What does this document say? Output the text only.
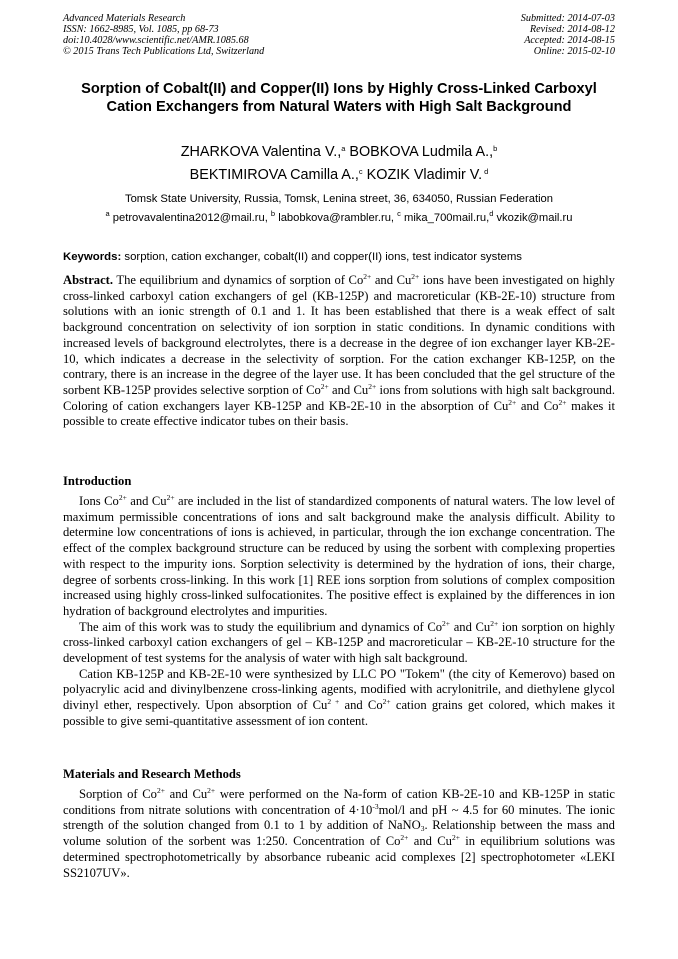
Advanced Materials Research
ISSN: 1662-8985, Vol. 1085, pp 68-73
doi:10.4028/www.scientific.net/AMR.1085.68
© 2015 Trans Tech Publications Ltd, Switzerland
Submitted: 2014-07-03
Revised: 2014-08-12
Accepted: 2014-08-15
Online: 2015-02-10
Sorption of Cobalt(II) and Copper(II) Ions by Highly Cross-Linked Carboxyl Cation Exchangers from Natural Waters with High Salt Background
ZHARKOVA Valentina V.,$^a$ BOBKOVA Ludmila A.,$^b$
BEKTIMIROVA Camilla A.,$^c$ KOZIK Vladimir V. $^d$
Tomsk State University, Russia, Tomsk, Lenina street, 36, 634050, Russian Federation
$^a$ petrovavalentina2012@mail.ru, $^b$ labobkova@rambler.ru, $^c$ mika_700mail.ru,$^d$ vkozik@mail.ru
Keywords: sorption, cation exchanger, cobalt(II) and copper(II) ions, test indicator systems

Abstract. The equilibrium and dynamics of sorption of $Co^{2+}$ and $Cu^{2+}$ ions have been investigated on highly cross-linked carboxyl cation exchangers of gel (KB-125P) and macroreticular (KB-2E-10) structure from solutions with an ionic strength of 0.1 and 1. It has been established that there is a weak effect of salt background concentration on selectivity of ion sorption in static conditions. In dynamic conditions with increased levels of background electrolytes, there is a decrease in the degree of ion exchanger layer KB-2E-10, which indicates a decrease in the selectivity of sorption. For the cation exchanger KB-125P, on the contrary, there is an increase in the degree of the layer use. It has been concluded that the gel structure of the sorbent KB-125P provides selective sorption of $Co^{2+}$ and $Cu^{2+}$ ions from solutions with high salt background. Coloring of cation exchangers layer KB-125P and KB-2E-10 in the absorption of $Cu^{2+}$ and $Co^{2+}$ makes it possible to create effective indicator tubes on their basis.

Introduction

Ions $Co^{2+}$ and $Cu^{2+}$ are included in the list of standardized components of natural waters. The low level of maximum permissible concentrations of ions and salt background make the analysis difficult. Ability to determine low concentrations of ions is achieved, in particular, through the ion exchange concentration. The effect of the complex background structure can be reduced by using the sorbent with complexing properties with respect to the impurity ions. Sorption selectivity is determined by the hydration of ions, their charge, degree of sorbents cross-linking. In this work [1] REE ions sorption from solutions of complex composition increased using highly cross-linked sulfocationites. The positive effect is explained by the differences in ion hydration of background electrolytes and impurities.

The aim of this work was to study the equilibrium and dynamics of $Co^{2+}$ and $Cu^{2+}$ ion sorption on highly cross-linked carboxyl cation exchangers of gel – KB-125P and macroreticular – KB-2E-10 structure for the development of test systems for the analysis of water with high salt background.

Cation KB-125P and KB-2E-10 were synthesized by LLC PO "Tokem" (the city of Kemerovo) based on polyacrylic acid and divinylbenzene cross-linking agents, modified with acrylonitrile, and diethylene glycol divinyl ether, respectively. Upon absorption of $Cu^{2 +}$ and $Co^{2+}$ cation grains get colored, which makes it possible to give semi-quantitative assessment of ion content.

Materials and Research Methods

Sorption of $Co^{2+}$ and $Cu^{2+}$ were performed on the Na-form of cation KB-2E-10 and KB-125P in static conditions from nitrate solutions with concentration of $4\cdot 10^{-3}mol/l$ and pH ~ 4.5 for 60 minutes. The ionic strength of the solution changed from 0.1 to 1 by addition of NaNO$_3$. Relationship between the mass and volume solution of the sorbent was 1:250. Concentration of $Co^{2+}$ and $Cu^{2+}$ in equilibrium solutions was determined spectrophotometrically by absorbance rubeanic acid complexes [2] spectrophotometer «LEKI SS2107UV».
